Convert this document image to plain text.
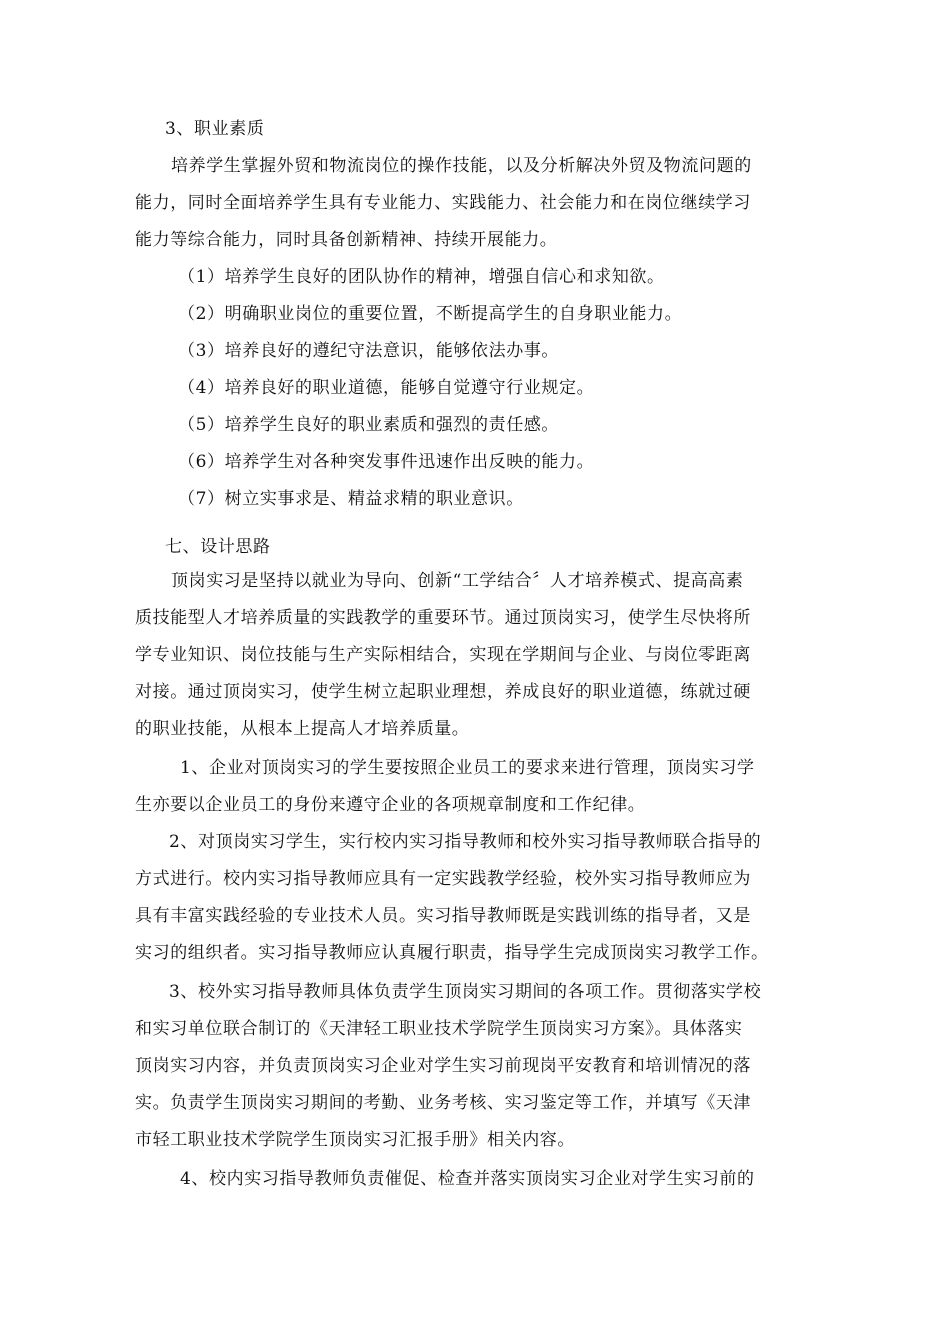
3、职业素质
培养学生掌握外贸和物流岗位的操作技能，以及分析解决外贸及物流问题的
能力，同时全面培养学生具有专业能力、实践能力、社会能力和在岗位继续学习
能力等综合能力，同时具备创新精神、持续开展能力。
（1）培养学生良好的团队协作的精神，增强自信心和求知欲。
（2）明确职业岗位的重要位置，不断提高学生的自身职业能力。
（3）培养良好的遵纪守法意识，能够依法办事。
（4）培养良好的职业道德，能够自觉遵守行业规定。
（5）培养学生良好的职业素质和强烈的责任感。
（6）培养学生对各种突发事件迅速作出反映的能力。
（7）树立实事求是、精益求精的职业意识。
七、设计思路
顶岗实习是坚持以就业为导向、创新“工学结合〞人才培养模式、提高高素
质技能型人才培养质量的实践教学的重要环节。通过顶岗实习，使学生尽快将所
学专业知识、岗位技能与生产实际相结合，实现在学期间与企业、与岗位零距离
对接。通过顶岗实习，使学生树立起职业理想，养成良好的职业道德，练就过硬
的职业技能，从根本上提高人才培养质量。
1、企业对顶岗实习的学生要按照企业员工的要求来进行管理，顶岗实习学
生亦要以企业员工的身份来遵守企业的各项规章制度和工作纪律。
2、对顶岗实习学生，实行校内实习指导教师和校外实习指导教师联合指导的
方式进行。校内实习指导教师应具有一定实践教学经验，校外实习指导教师应为
具有丰富实践经验的专业技术人员。实习指导教师既是实践训练的指导者，又是
实习的组织者。实习指导教师应认真履行职责，指导学生完成顶岗实习教学工作。
3、校外实习指导教师具体负责学生顶岗实习期间的各项工作。贯彻落实学校
和实习单位联合制订的《天津轻工职业技术学院学生顶岗实习方案》。具体落实
顶岗实习内容，并负责顶岗实习企业对学生实习前现岗平安教育和培训情况的落
实。负责学生顶岗实习期间的考勤、业务考核、实习鉴定等工作，并填写《天津
市轻工职业技术学院学生顶岗实习汇报手册》相关内容。
4、校内实习指导教师负责催促、检查并落实顶岗实习企业对学生实习前的
